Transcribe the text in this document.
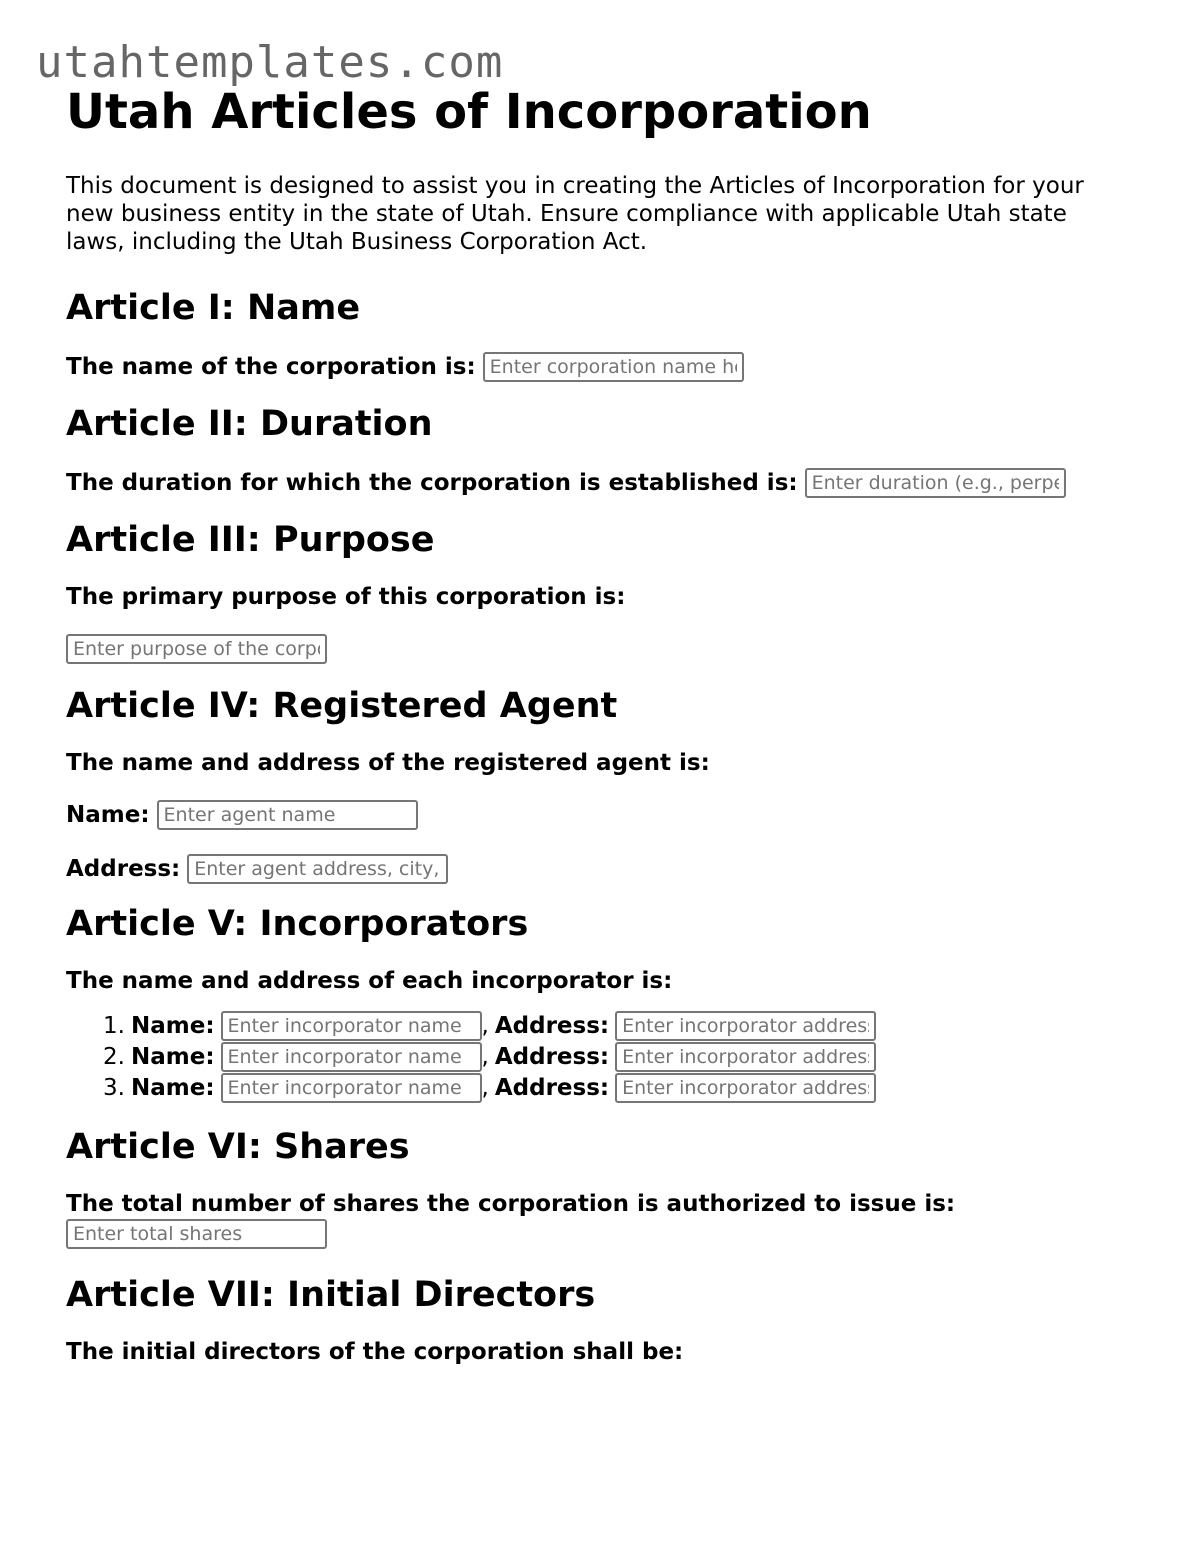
utahtemplates.com
Utah Articles of Incorporation

This document is designed to assist you in creating the Articles of Incorporation for your new business entity in the state of Utah. Ensure compliance with applicable Utah state laws, including the Utah Business Corporation Act.

Article I: Name
The name of the corporation is:
Enter corporation name here
Article II: Duration
The duration for which the corporation is established is:
Enter duration (e.g., perpetual)
Article III: Purpose

The primary purpose of this corporation is:

Enter purpose of the corporation
Article IV: Registered Agent

The name and address of the registered agent is:

Name:
Enter agent name
Address:
Enter agent address, city, state, zip
Article V: Incorporators

The name and address of each incorporator is:

1. Name:
Enter incorporator name	, Address:
Enter incorporator address
2. Name:
Enter incorporator name	, Address:
Enter incorporator address
3. Name:
Enter incorporator name	, Address:
Enter incorporator address
Article VI: Shares

The total number of shares the corporation is authorized to issue is:

Enter total shares
Article VII: Initial Directors

The initial directors of the corporation shall be:
